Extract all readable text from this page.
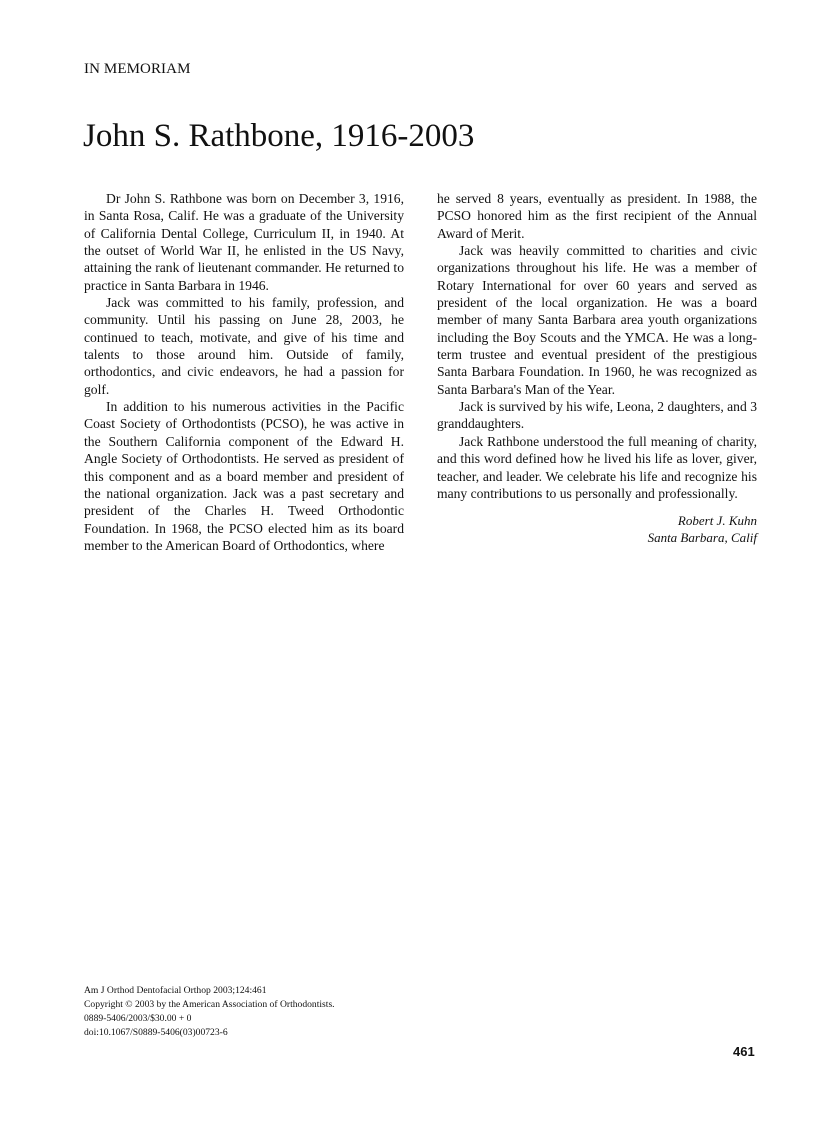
IN MEMORIAM
John S. Rathbone, 1916-2003

Dr John S. Rathbone was born on December 3, 1916, in Santa Rosa, Calif. He was a graduate of the University of California Dental College, Curriculum II, in 1940. At the outset of World War II, he enlisted in the US Navy, attaining the rank of lieutenant commander. He returned to practice in Santa Barbara in 1946.

Jack was committed to his family, profession, and community. Until his passing on June 28, 2003, he continued to teach, motivate, and give of his time and talents to those around him. Outside of family, orthodontics, and civic endeavors, he had a passion for golf.

In addition to his numerous activities in the Pacific Coast Society of Orthodontists (PCSO), he was active in the Southern California component of the Edward H. Angle Society of Orthodontists. He served as president of this component and as a board member and president of the national organization. Jack was a past secretary and president of the Charles H. Tweed Orthodontic Foundation. In 1968, the PCSO elected him as its board member to the American Board of Orthodontics, where

he served 8 years, eventually as president. In 1988, the PCSO honored him as the first recipient of the Annual Award of Merit.

Jack was heavily committed to charities and civic organizations throughout his life. He was a member of Rotary International for over 60 years and served as president of the local organization. He was a board member of many Santa Barbara area youth organizations including the Boy Scouts and the YMCA. He was a long-term trustee and eventual president of the prestigious Santa Barbara Foundation. In 1960, he was recognized as Santa Barbara's Man of the Year.

Jack is survived by his wife, Leona, 2 daughters, and 3 granddaughters.

Jack Rathbone understood the full meaning of charity, and this word defined how he lived his life as lover, giver, teacher, and leader. We celebrate his life and recognize his many contributions to us personally and professionally.

Robert J. Kuhn
Santa Barbara, Calif
Am J Orthod Dentofacial Orthop 2003;124:461
Copyright © 2003 by the American Association of Orthodontists.
0889-5406/2003/$30.00 + 0
doi:10.1067/S0889-5406(03)00723-6
461
